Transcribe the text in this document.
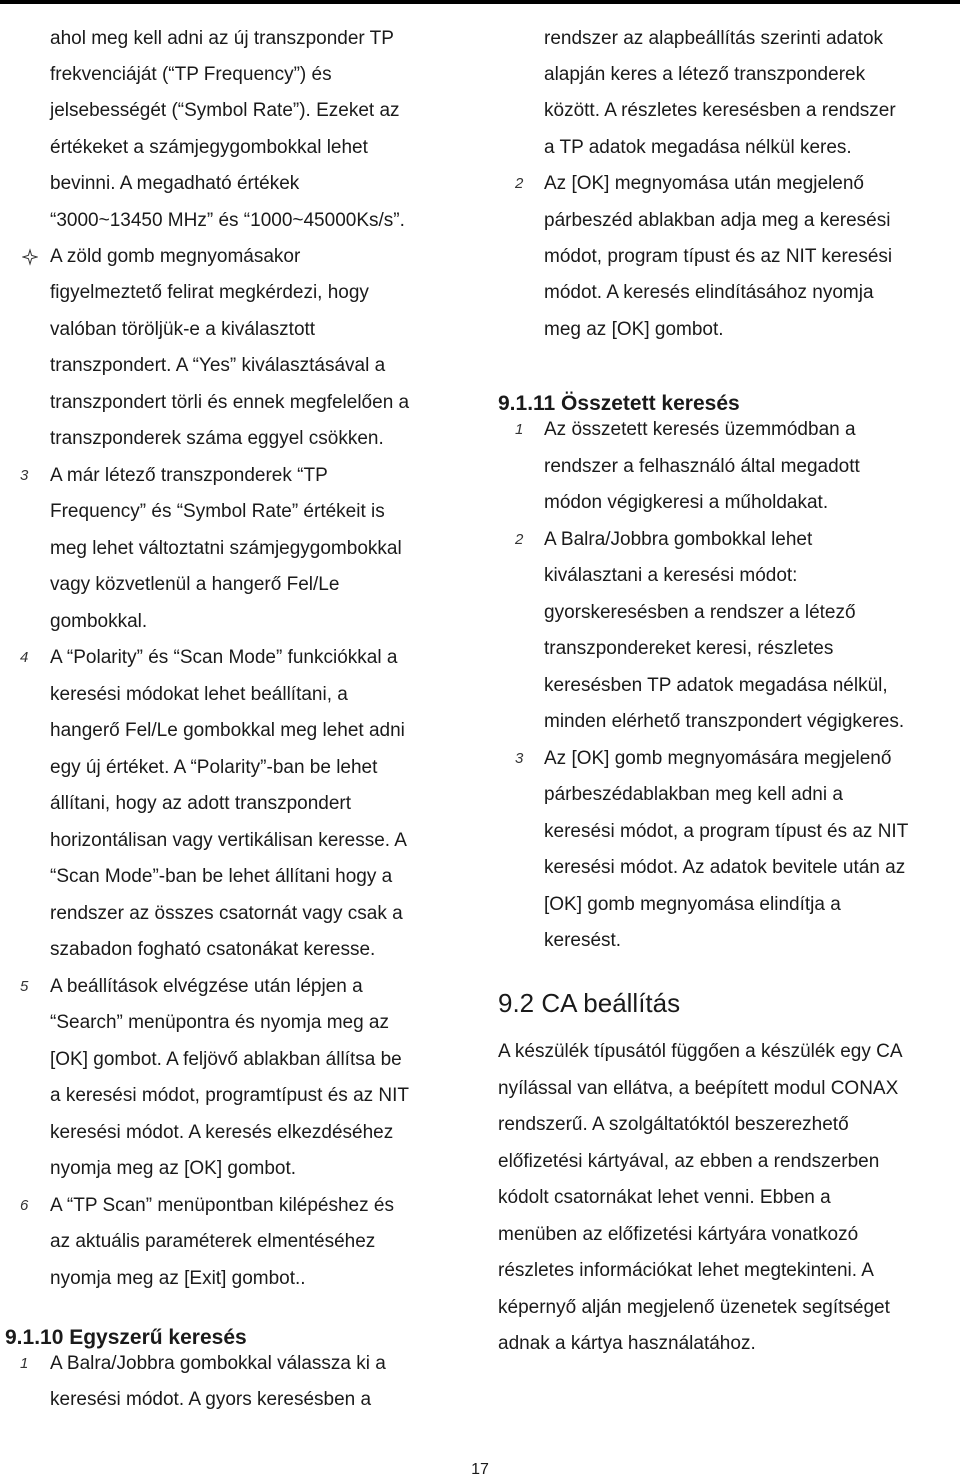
ahol meg kell adni az új transzponder TP
frekvenciáját (“TP Frequency”) és
jelsebességét (“Symbol Rate”). Ezeket az
értékeket a számjegygombokkal lehet
bevinni. A megadható értékek
“3000~13450 MHz” és “1000~45000Ks/s”.
A zöld gomb megnyomásakor
figyelmeztető felirat megkérdezi, hogy
valóban töröljük-e a kiválasztott
transzpondert. A “Yes” kiválasztásával a
transzpondert törli és ennek megfelelően a
transzponderek száma eggyel csökken.
3 A már létező transzponderek “TP
Frequency” és “Symbol Rate” értékeit is
meg lehet változtatni számjegygombokkal
vagy közvetlenül a hangerő Fel/Le
gombokkal.
4 A “Polarity” és “Scan Mode” funkciókkal a
keresési módokat lehet beállítani, a
hangerő Fel/Le gombokkal meg lehet adni
egy új értéket. A “Polarity”-ban be lehet
állítani, hogy az adott transzpondert
horizontálisan vagy vertikálisan keresse. A
“Scan Mode”-ban be lehet állítani hogy a
rendszer az összes csatornát vagy csak a
szabadon fogható csatonákat keresse.
5 A beállítások elvégzése után lépjen a
“Search” menüpontra és nyomja meg az
[OK] gombot. A feljövő ablakban állítsa be
a keresési módot, programtípust és az NIT
keresési módot. A keresés elkezdéséhez
nyomja meg az [OK] gombot.
6 A “TP Scan” menüpontban kilépéshez és
az aktuális paraméterek elmentéséhez
nyomja meg az [Exit] gombot..
9.1.10 Egyszerű keresés
1 A Balra/Jobbra gombokkal válassza ki a
keresési módot. A gyors keresésben a
rendszer az alapbeállítás szerinti adatok
alapján keres a létező transzponderek
között. A részletes keresésben a rendszer
a TP adatok megadása nélkül keres.
2 Az [OK] megnyomása után megjelenő
párbeszéd ablakban adja meg a keresési
módot, program típust és az NIT keresési
módot. A keresés elindításához nyomja
meg az [OK] gombot.
9.1.11 Összetett keresés
1 Az összetett keresés üzemmódban a
rendszer a felhasználó által megadott
módon végigkeresi a műholdakat.
2 A Balra/Jobbra gombokkal lehet
kiválasztani a keresési módot:
gyorskeresésben a rendszer a létező
transzpondereket keresi, részletes
keresésben TP adatok megadása nélkül,
minden elérhető transzpondert végigkeres.
3 Az [OK] gomb megnyomására megjelenő
párbeszédablakban meg kell adni a
keresési módot, a program típust és az NIT
keresési módot. Az adatok bevitele után az
[OK] gomb megnyomása elindítja a
keresést.
9.2 CA beállítás
A készülék típusától függően a készülék egy CA
nyílással van ellátva, a beépített modul CONAX
rendszerű. A szolgáltatóktól beszerezhető
előfizetési kártyával, az ebben a rendszerben
kódolt csatornákat lehet venni. Ebben a
menüben az előfizetési kártyára vonatkozó
részletes információkat lehet megtekinteni. A
képernyő alján megjelenő üzenetek segítséget
adnak a kártya használatához.
17
